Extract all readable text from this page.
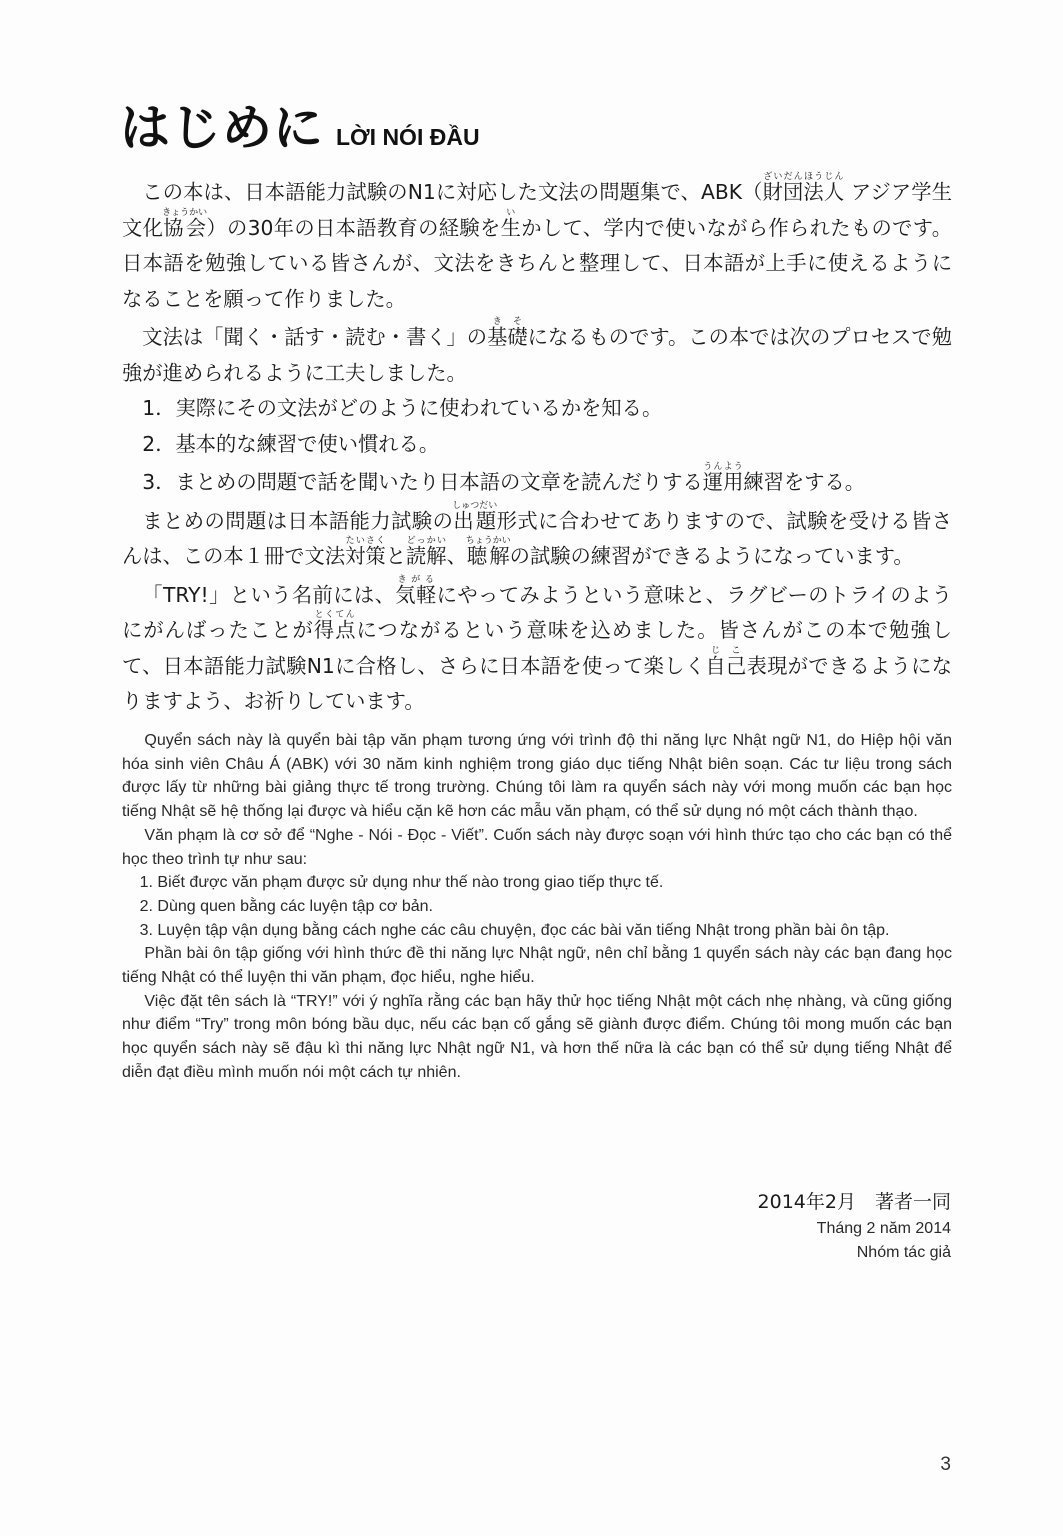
はじめに LỜI NÓI ĐẦU

この本は、日本語能力試験のN1に対応した文法の問題集で、ABK（財団法人ざいだんほうじん アジア学生文化協会きょうかい）の30年の日本語教育の経験を生いかして、学内で使いながら作られたものです。日本語を勉強している皆さんが、文法をきちんと整理して、日本語が上手に使えるようになることを願って作りました。

文法は「聞く・話す・読む・書く」の基礎きそになるものです。この本では次のプロセスで勉強が進められるように工夫しました。

1．実際にその文法がどのように使われているかを知る。
2．基本的な練習で使い慣れる。
3．まとめの問題で話を聞いたり日本語の文章を読んだりする運用うんよう練習をする。

まとめの問題は日本語能力試験の出題しゅつだい形式に合わせてありますので、試験を受ける皆さんは、この本１冊で文法対策たいさくと読解どっかい、聴解ちょうかいの試験の練習ができるようになっています。

「TRY!」という名前には、気軽きがるにやってみようという意味と、ラグビーのトライのようにがんばったことが得点とくてんにつながるという意味を込めました。皆さんがこの本で勉強して、日本語能力試験N1に合格し、さらに日本語を使って楽しく自己じこ表現ができるようになりますよう、お祈りしています。

Quyển sách này là quyển bài tập văn phạm tương ứng với trình độ thi năng lực Nhật ngữ N1, do Hiệp hội văn hóa sinh viên Châu Á (ABK) với 30 năm kinh nghiệm trong giáo dục tiếng Nhật biên soạn. Các tư liệu trong sách được lấy từ những bài giảng thực tế trong trường. Chúng tôi làm ra quyển sách này với mong muốn các bạn học tiếng Nhật sẽ hệ thống lại được và hiểu cặn kẽ hơn các mẫu văn phạm, có thể sử dụng nó một cách thành thạo.

Văn phạm là cơ sở để “Nghe - Nói - Đọc - Viết”. Cuốn sách này được soạn với hình thức tạo cho các bạn có thể học theo trình tự như sau:

1. Biết được văn phạm được sử dụng như thế nào trong giao tiếp thực tế.
2. Dùng quen bằng các luyện tập cơ bản.
3. Luyện tập vận dụng bằng cách nghe các câu chuyện, đọc các bài văn tiếng Nhật trong phần bài ôn tập.

Phần bài ôn tập giống với hình thức đề thi năng lực Nhật ngữ, nên chỉ bằng 1 quyển sách này các bạn đang học tiếng Nhật có thể luyện thi văn phạm, đọc hiểu, nghe hiểu.

Việc đặt tên sách là “TRY!” với ý nghĩa rằng các bạn hãy thử học tiếng Nhật một cách nhẹ nhàng, và cũng giống như điểm “Try” trong môn bóng bầu dục, nếu các bạn cố gắng sẽ giành được điểm. Chúng tôi mong muốn các bạn học quyển sách này sẽ đậu kì thi năng lực Nhật ngữ N1, và hơn thế nữa là các bạn có thể sử dụng tiếng Nhật để diễn đạt điều mình muốn nói một cách tự nhiên.

2014年2月　著者一同
Tháng 2 năm 2014
Nhóm tác giả
3
